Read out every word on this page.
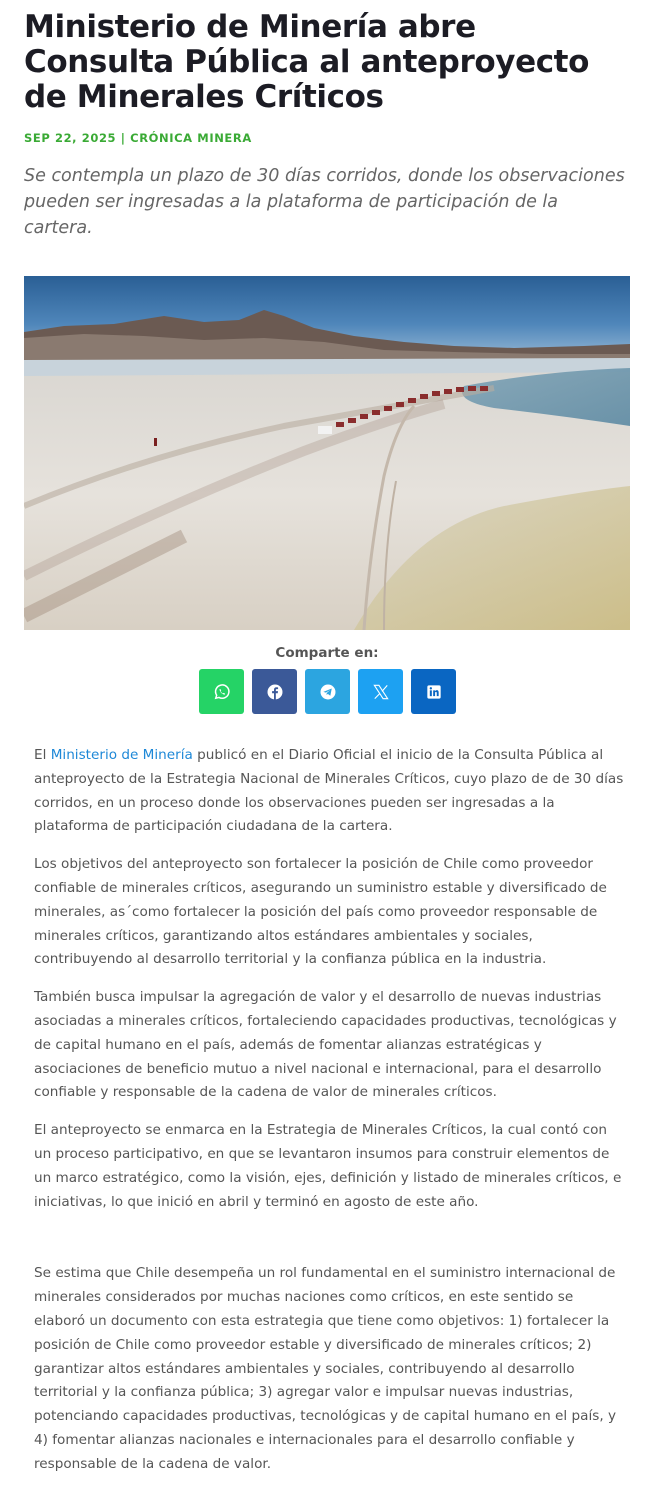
Ministerio de Minería abre Consulta Pública al anteproyecto de Minerales Críticos
SEP 22, 2025 | CRÓNICA MINERA
Se contempla un plazo de 30 días corridos, donde los observaciones pueden ser ingresadas a la plataforma de participación de la cartera.
Comparte en:

El Ministerio de Minería publicó en el Diario Oficial el inicio de la Consulta Pública al anteproyecto de la Estrategia Nacional de Minerales Críticos, cuyo plazo de de 30 días corridos, en un proceso donde los observaciones pueden ser ingresadas a la plataforma de participación ciudadana de la cartera.

Los objetivos del anteproyecto son fortalecer la posición de Chile como proveedor confiable de minerales críticos, asegurando un suministro estable y diversificado de minerales, as´como fortalecer la posición del país como proveedor responsable de minerales críticos, garantizando altos estándares ambientales y sociales, contribuyendo al desarrollo territorial y la confianza pública en la industria.

También busca impulsar la agregación de valor y el desarrollo de nuevas industrias asociadas a minerales críticos, fortaleciendo capacidades productivas, tecnológicas y de capital humano en el país, además de fomentar alianzas estratégicas y asociaciones de beneficio mutuo a nivel nacional e internacional, para el desarrollo confiable y responsable de la cadena de valor de minerales críticos.

El anteproyecto se enmarca en la Estrategia de Minerales Críticos, la cual contó con un proceso participativo, en que se levantaron insumos para construir elementos de un marco estratégico, como la visión, ejes, definición y listado de minerales críticos, e iniciativas, lo que inició en abril y terminó en agosto de este año.

Se estima que Chile desempeña un rol fundamental en el suministro internacional de minerales considerados por muchas naciones como críticos, en este sentido se elaboró un documento con esta estrategia que tiene como objetivos: 1) fortalecer la posición de Chile como proveedor estable y diversificado de minerales críticos; 2) garantizar altos estándares ambientales y sociales, contribuyendo al desarrollo territorial y la confianza pública; 3) agregar valor e impulsar nuevas industrias, potenciando capacidades productivas, tecnológicas y de capital humano en el país, y 4) fomentar alianzas nacionales e internacionales para el desarrollo confiable y responsable de la cadena de valor.
